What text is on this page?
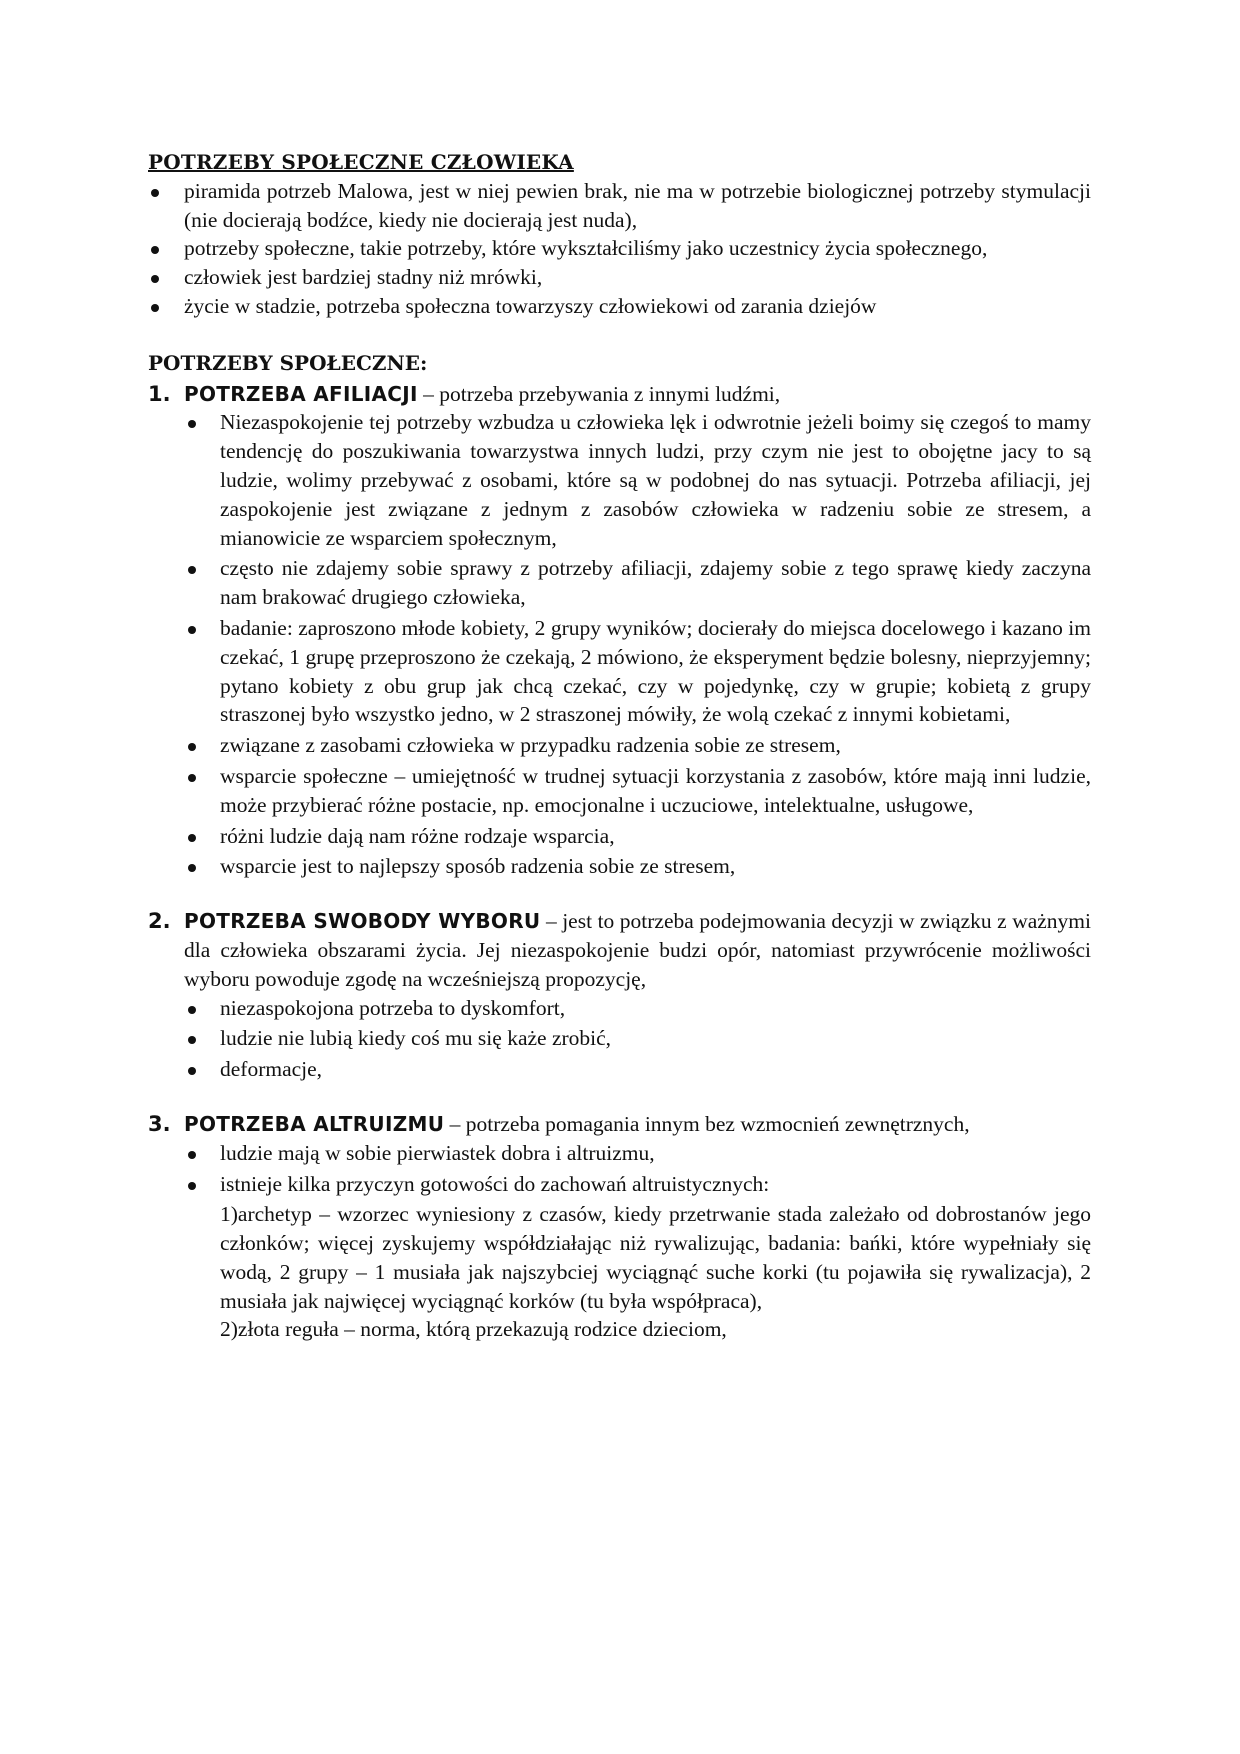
POTRZEBY SPOŁECZNE CZŁOWIEKA
piramida potrzeb Malowa, jest w niej pewien brak, nie ma w potrzebie biologicznej potrzeby stymulacji (nie docierają bodźce, kiedy nie docierają jest nuda),
potrzeby społeczne, takie potrzeby, które wykształciliśmy jako uczestnicy życia społecznego,
człowiek jest bardziej stadny niż mrówki,
życie w stadzie, potrzeba społeczna towarzyszy człowiekowi od zarania dziejów
POTRZEBY SPOŁECZNE:
1. POTRZEBA AFILIACJI – potrzeba przebywania z innymi ludźmi,
Niezaspokojenie tej potrzeby wzbudza u człowieka lęk i odwrotnie jeżeli boimy się czegoś to mamy tendencję do poszukiwania towarzystwa innych ludzi, przy czym nie jest to obojętne jacy to są ludzie, wolimy przebywać z osobami, które są w podobnej do nas sytuacji. Potrzeba afiliacji, jej zaspokojenie jest związane z jednym z zasobów człowieka w radzeniu sobie ze stresem, a mianowicie ze wsparciem społecznym,
często nie zdajemy sobie sprawy z potrzeby afiliacji, zdajemy sobie z tego sprawę kiedy zaczyna nam brakować drugiego człowieka,
badanie: zaproszono młode kobiety, 2 grupy wyników; docierały do miejsca docelowego i kazano im czekać, 1 grupę przeproszono że czekają, 2 mówiono, że eksperyment będzie bolesny, nieprzyjemny; pytano kobiety z obu grup jak chcą czekać, czy w pojedynkę, czy w grupie; kobietą z grupy straszonej było wszystko jedno, w 2 straszonej mówiły, że wolą czekać z innymi kobietami,
związane z zasobami człowieka w przypadku radzenia sobie ze stresem,
wsparcie społeczne – umiejętność w trudnej sytuacji korzystania z zasobów, które mają inni ludzie, może przybierać różne postacie, np. emocjonalne i uczuciowe, intelektualne, usługowe,
różni ludzie dają nam różne rodzaje wsparcia,
wsparcie jest to najlepszy sposób radzenia sobie ze stresem,
2. POTRZEBA SWOBODY WYBORU – jest to potrzeba podejmowania decyzji w związku z ważnymi dla człowieka obszarami życia. Jej niezaspokojenie budzi opór, natomiast przywrócenie możliwości wyboru powoduje zgodę na wcześniejszą propozycję,
niezaspokojona potrzeba to dyskomfort,
ludzie nie lubią kiedy coś mu się każe zrobić,
deformacje,
3. POTRZEBA ALTRUIZMU – potrzeba pomagania innym bez wzmocnień zewnętrznych,
ludzie mają w sobie pierwiastek dobra i altruizmu,
istnieje kilka przyczyn gotowości do zachowań altruistycznych:
1)archetyp – wzorzec wyniesiony z czasów, kiedy przetrwanie stada zależało od dobrostanów jego członków; więcej zyskujemy współdziałając niż rywalizując, badania: bańki, które wypełniały się wodą, 2 grupy – 1 musiała jak najszybciej wyciągnąć suche korki (tu pojawiła się rywalizacja), 2 musiała jak najwięcej wyciągnąć korków (tu była współpraca),
2)złota reguła – norma, którą przekazują rodzice dzieciom,
